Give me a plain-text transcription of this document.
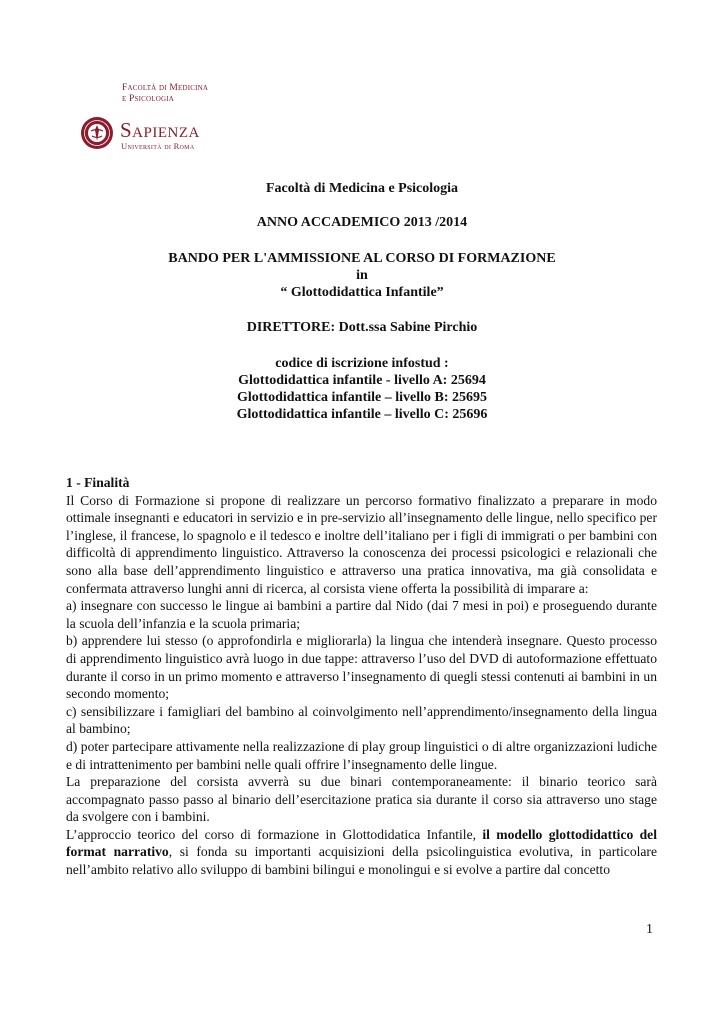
Facoltà di Medicina
e Psicologia
Sapienza
Università di Roma
Facoltà di Medicina e Psicologia
ANNO ACCADEMICO 2013 /2014
BANDO PER L'AMMISSIONE AL CORSO DI FORMAZIONE
in
“ Glottodidattica Infantile”
DIRETTORE: Dott.ssa Sabine Pirchio
codice di iscrizione infostud :
Glottodidattica infantile - livello A: 25694
Glottodidattica infantile – livello B: 25695
Glottodidattica infantile – livello C: 25696

1 - Finalità

Il Corso di Formazione si propone di realizzare un percorso formativo finalizzato a preparare in modo ottimale insegnanti e educatori in servizio e in pre-servizio all’insegnamento delle lingue, nello specifico per l’inglese, il francese, lo spagnolo e il tedesco e inoltre dell’italiano per i figli di immigrati o per bambini con difficoltà di apprendimento linguistico. Attraverso la conoscenza dei processi psicologici e relazionali che sono alla base dell’apprendimento linguistico e attraverso una pratica innovativa, ma già consolidata e confermata attraverso lunghi anni di ricerca, al corsista viene offerta la possibilità di imparare a:

a) insegnare con successo le lingue ai bambini a partire dal Nido (dai 7 mesi in poi) e proseguendo durante la scuola dell’infanzia e la scuola primaria;

b) apprendere lui stesso (o approfondirla e migliorarla) la lingua che intenderà insegnare. Questo processo di apprendimento linguistico avrà luogo in due tappe: attraverso l’uso del DVD di autoformazione effettuato durante il corso in un primo momento e attraverso l’insegnamento di quegli stessi contenuti ai bambini in un secondo momento;

c) sensibilizzare i famigliari del bambino al coinvolgimento nell’apprendimento/insegnamento della lingua al bambino;

d) poter partecipare attivamente nella realizzazione di play group linguistici o di altre organizzazioni ludiche e di intrattenimento per bambini nelle quali offrire l’insegnamento delle lingue.

La preparazione del corsista avverrà su due binari contemporaneamente: il binario teorico sarà accompagnato passo passo al binario dell’esercitazione pratica sia durante il corso sia attraverso uno stage da svolgere con i bambini.

L’approccio teorico del corso di formazione in Glottodidatica Infantile, il modello glottodidattico del format narrativo, si fonda su importanti acquisizioni della psicolinguistica evolutiva, in particolare nell’ambito relativo allo sviluppo di bambini bilingui e monolingui e si evolve a partire dal concetto

1
